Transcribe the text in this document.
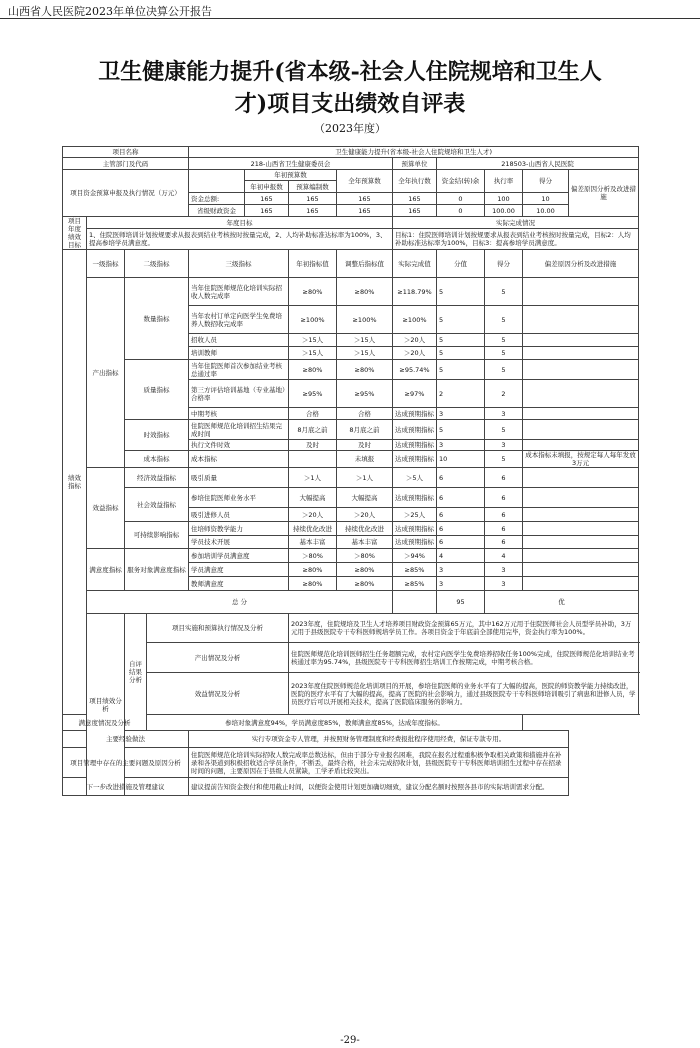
山西省人民医院2023年单位决算公开报告
卫生健康能力提升(省本级-社会人住院规培和卫生人
才)项目支出绩效自评表
（2023年度）
项目名称				卫生健康能力提升(省本级-社会人住院规培和卫生人才)								
主管部门及代码				218-山西省卫生健康委员会				预算单位	218503-山西省人民医院			
项目资金预算申报及执行情况（万元）					年初预算数		全年预算数	全年执行数	资金结(转)余	执行率	得分	偏差原因分析及改进措施
					年初申报数	预算编制数						
				资金总额:	165	165	165	165	0	100	10	
				省级财政资金	165	165	165	165	0	100.00	10.00	
项目年度绩效目标	年度目标							实际完成情况				
	1、住院医师培训计划按规要求从报表到结业考核按时按量完成，2、人均补助标准达标率为100%，3、提高参培学员满意度。							目标1：住院医师培训计划按规要求从报表到结业考核按时按量完成，目标2：人均补助标准达标率为100%，目标3：提高参培学员满意度。				
绩效指标	一级指标	二级指标		三级指标		年初指标值	调整后指标值	实际完成值	分值	得分	偏差原因分析及改进措施	
	产出指标	数量指标		当年住院医师规范化培训实际招收人数完成率		≥80%	≥80%	≥118.79%	5	5		
				当年农村订单定向医学生免费培养人数招收完成率		≥100%	≥100%	≥100%	5	5		
				招收人员		＞15人	＞15人	＞20人	5	5		
				培训教师		＞15人	＞15人	＞20人	5	5		
		质量指标		当年住院医师首次参加结业考核总通过率		≥80%	≥80%	≥95.74%	5	5		
				第三方评估培训基地（专业基地）合格率		≥95%	≥95%	≥97%	2	2		
				中期考核		合格	合格	达成预期指标	3	3		
		时效指标		住院医师规范化培训招生结果完成时间		8月底之前	8月底之前	达成预期指标	5	5		
				执行文件时效		及时	及时	达成预期指标	3	3		
		成本指标		成本指标			未填报	达成预期指标	10	5	成本指标未填报，按规定每人每年发放3万元	
	效益指标	经济效益指标		吸引质量		＞1人	＞1人	＞5人	6	6		
		社会效益指标		参培住院医师业务水平		大幅提高	大幅提高	达成预期指标	6	6		
				吸引进修人员		＞20人	＞20人	＞25人	6	6		
		可持续影响指标		住培师资教学能力		持续优化改进	持续优化改进	达成预期指标	6	6		
				学员技术开展		基本丰富	基本丰富	达成预期指标	6	6		
	满意度指标	服务对象满意度指标		参加培训学员满意度		＞80%	＞80%	＞94%	4	4		
				学员满意度		≥80%	≥80%	≥85%	3	3		
				教师满意度		≥80%	≥80%	≥85%	3	3		
	总 分								95	优		
	项目绩效分析	自评结果分析	项目实施和预算执行情况及分析			2023年度，住院规培及卫生人才培养项目财政资金预算65万元，其中162万元用于住院医师社会人员型学员补助，3万元用于县级医院专干专科医师规培学员工作。各项目资金于年底前全部使用完毕，资金执行率为100%。						
			产出情况及分析			住院医师规范化培训医师招生任务超额完成，农村定向医学生免费培养招收任务100%完成，住院医师规范化培训结业考核通过率为95.74%，县级医院专干专科医师招生培训工作按期完成，中期考核合格。						
			效益情况及分析			2023年度住院医师规范化培训项目的开展，参培住院医师的业务水平有了大幅的提高，医院的师资教学能力持续改进，医院的医疗水平有了大幅的提高，提高了医院的社会影响力，通过县级医院专干专科医师培训吸引了病患和进修人员，学员医疗后可以开展相关技术，提高了医院临床服务的影响力。						
满意度情况及分析			参培对象满意度94%，学员满意度85%，教师满意度85%，达成年度指标。									
主要经验做法				实行专项资金专人管理，并按照财务管理制度和经费报批程序使用经费，保证专款专用。								
项目管理中存在的主要问题及原因分析				住院医师规范化培训实际招收人数完成率总数达标，但由于部分专业报名困难，我院在报名过程重积极争取相关政策和措施并在补录和各渠道到积极招收适合学员条件，不断丢，最终合格，社会未完成招收计划，县级医院专干专科医师培训招生过程中存在招录时间的问题，主要原因在于县级人员紧缺，工学矛盾比较突出。								
下一步改进措施及管理建议				建议提前告知资金拨付和使用截止时间，以便资金使用计划更加确切细致，建议分配名额时按照各县市的实际培训需求分配。								
-29-
